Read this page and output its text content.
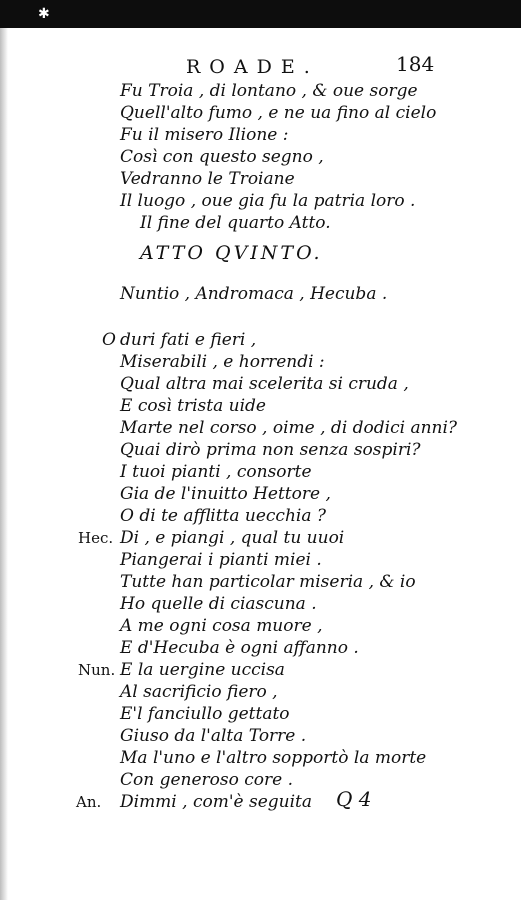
✱
ROADE.	184
Fu Troia , di lontano , & oue sorge
Quell'alto fumo , e ne ua fino al cielo
Fu il misero Ilione :
Così con questo segno ,
Vedranno le Troiane
Il luogo , oue gia fu la patria loro .
Il fine del quarto Atto.
ATTO QVINTO.
Nuntio , Andromaca , Hecuba .
O duri fati e fieri ,
Miserabili , e horrendi :
Qual altra mai scelerita si cruda ,
E così trista uide
Marte nel corso , oime , di dodici anni?
Quai dirò prima non senza sospiri?
I tuoi pianti , consorte
Gia de l'inuitto Hettore ,
O di te afflitta uecchia ?
Hec. Di , e piangi , qual tu uuoi
Piangerai i pianti miei .
Tutte han particolar miseria , & io
Ho quelle di ciascuna .
A me ogni cosa muore ,
E d'Hecuba è ogni affanno .
Nun. E la uergine uccisa
Al sacrificio fiero ,
E'l fanciullo gettato
Giuso da l'alta Torre .
Ma l'uno e l'altro sopportò la morte
Con generoso core .
An. Dimmi , com'è seguita Q 4
